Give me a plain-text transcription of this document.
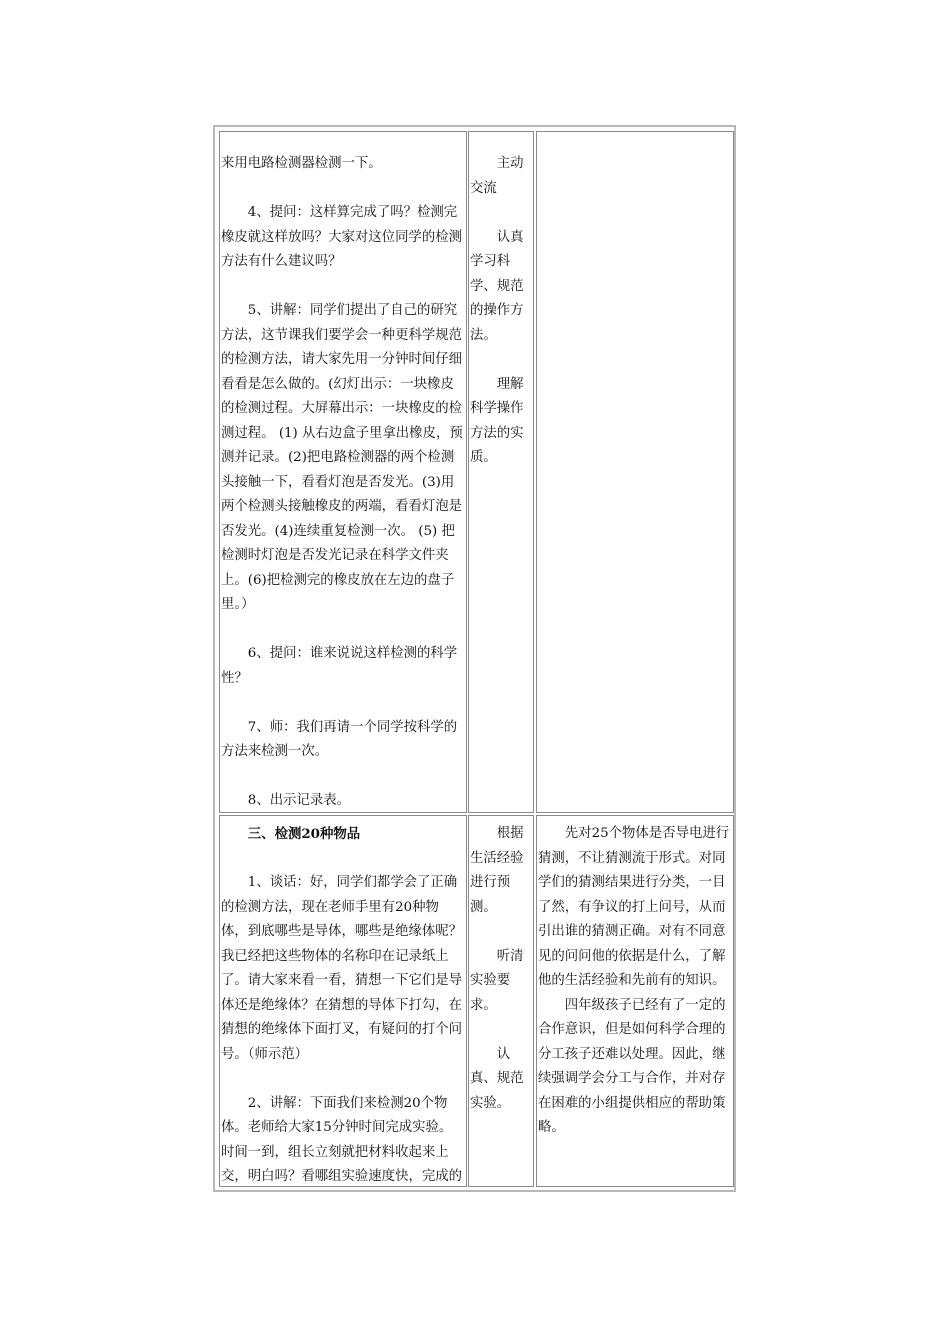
来用电路检测器检测一下。

4、提问：这样算完成了吗？检测完橡皮就这样放吗？大家对这位同学的检测方法有什么建议吗？

5、讲解：同学们提出了自己的研究方法，这节课我们要学会一种更科学规范的检测方法，请大家先用一分钟时间仔细看看是怎么做的。(幻灯出示：一块橡皮的检测过程。大屏幕出示：一块橡皮的检测过程。 (1) 从右边盒子里拿出橡皮，预测并记录。(2)把电路检测器的两个检测头接触一下，看看灯泡是否发光。(3)用两个检测头接触橡皮的两端，看看灯泡是否发光。(4)连续重复检测一次。 (5) 把检测时灯泡是否发光记录在科学文件夹上。(6)把检测完的橡皮放在左边的盘子里。）

6、提问：谁来说说这样检测的科学性？

7、师：我们再请一个同学按科学的方法来检测一次。

8、出示记录表。

主动交流

认真学习科学、规范的操作方法。

理解科学操作方法的实质。

三、检测20种物品

1、谈话：好，同学们都学会了正确的检测方法，现在老师手里有20种物体，到底哪些是导体，哪些是绝缘体呢？我已经把这些物体的名称印在记录纸上了。请大家来看一看，猜想一下它们是导体还是绝缘体？在猜想的导体下打勾，在猜想的绝缘体下面打叉，有疑问的打个问号。（师示范）

2、讲解：下面我们来检测20个物体。老师给大家15分钟时间完成实验。时间一到，组长立刻就把材料收起来上交，明白吗？看哪组实验速度快，完成的

根据生活经验进行预测。

听清实验要求。

认真、规范实验。

先对25个物体是否导电进行猜测，不让猜测流于形式。对同学们的猜测结果进行分类，一目了然，有争议的打上问号，从而引出谁的猜测正确。对有不同意见的问问他的依据是什么，了解他的生活经验和先前有的知识。

四年级孩子已经有了一定的合作意识，但是如何科学合理的分工孩子还难以处理。因此，继续强调学会分工与合作，并对存在困难的小组提供相应的帮助策略。
